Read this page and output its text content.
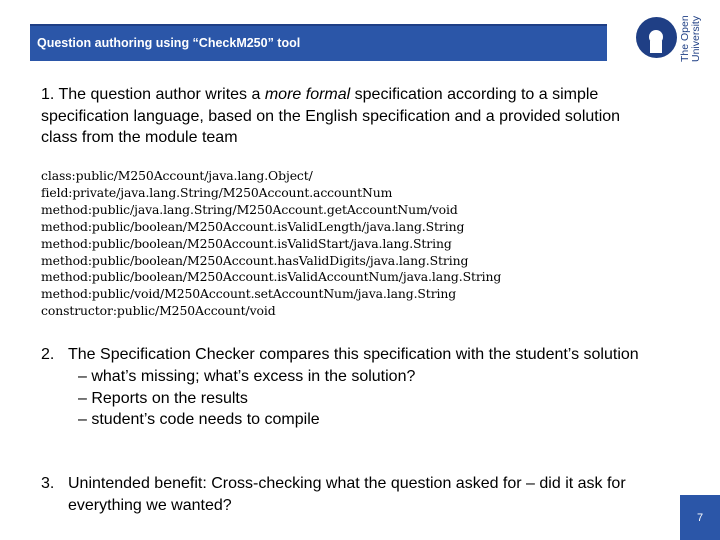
Question authoring using “CheckM250” tool	The Open University
1. The question author writes a more formal specification according to a simple specification language, based on the English specification and a provided solution class from the module team
class:public/M250Account/java.lang.Object/
field:private/java.lang.String/M250Account.accountNum
method:public/java.lang.String/M250Account.getAccountNum/void
method:public/boolean/M250Account.isValidLength/java.lang.String
method:public/boolean/M250Account.isValidStart/java.lang.String
method:public/boolean/M250Account.hasValidDigits/java.lang.String
method:public/boolean/M250Account.isValidAccountNum/java.lang.String
method:public/void/M250Account.setAccountNum/java.lang.String
constructor:public/M250Account/void
2. The Specification Checker compares this specification with the student’s solution
– what’s missing; what’s excess in the solution?
– Reports on the results
– student’s code needs to compile
3. Unintended benefit: Cross-checking what the question asked for – did it ask for everything we wanted?
7
